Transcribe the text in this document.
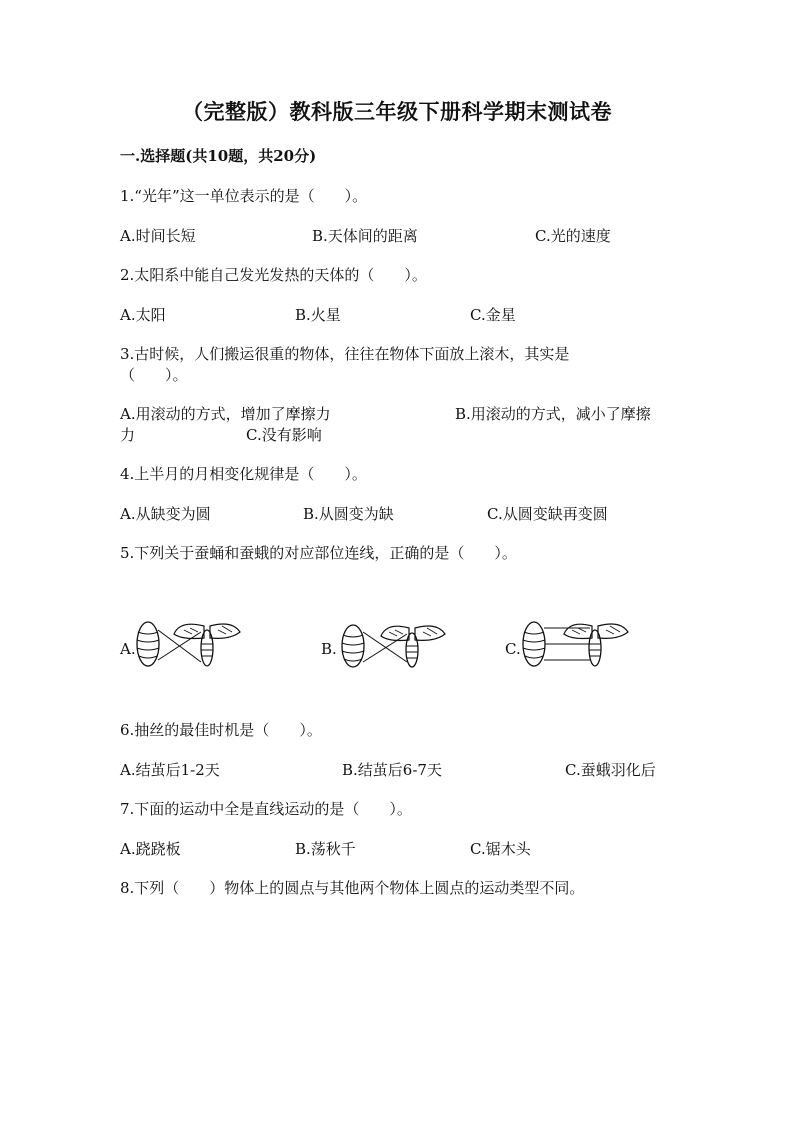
（完整版）教科版三年级下册科学期末测试卷
一.选择题(共10题，共20分)
1.“光年”这一单位表示的是（　　）。
A.时间长短	B.天体间的距离	C.光的速度
2.太阳系中能自己发光发热的天体的（　　）。
A.太阳	B.火星	C.金星
3.古时候，人们搬运很重的物体，往往在物体下面放上滚木，其实是
（　　）。
A.用滚动的方式，增加了摩擦力	B.用滚动的方式，减小了摩擦
力	C.没有影响
4.上半月的月相变化规律是（　　）。
A.从缺变为圆	B.从圆变为缺	C.从圆变缺再变圆
5.下列关于蚕蛹和蚕蛾的对应部位连线，正确的是（　　）。
A.	B.	C.
6.抽丝的最佳时机是（　　）。
A.结茧后1-2天	B.结茧后6-7天	C.蚕蛾羽化后
7.下面的运动中全是直线运动的是（　　）。
A.跷跷板	B.荡秋千	C.锯木头
8.下列（　　）物体上的圆点与其他两个物体上圆点的运动类型不同。
